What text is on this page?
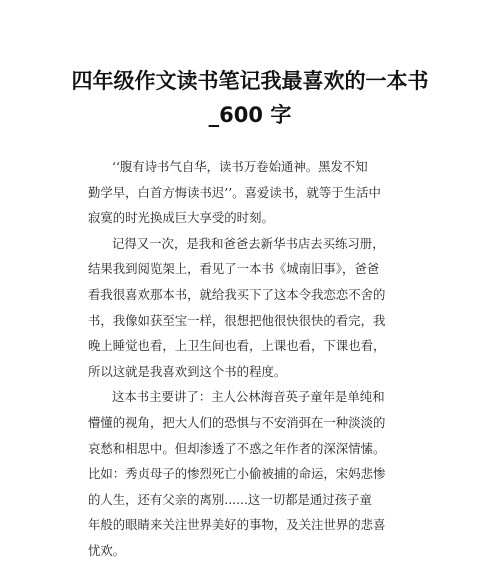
四年级作文读书笔记我最喜欢的一本书
_600 字

‘‘腹有诗书气自华，读书万卷始通神。黑发不知
勤学早，白首方悔读书迟’’。喜爱读书，就等于生活中
寂寞的时光换成巨大享受的时刻。

记得又一次，是我和爸爸去新华书店去买练习册，
结果我到阅览架上，看见了一本书《城南旧事》，爸爸
看我很喜欢那本书，就给我买下了这本令我恋恋不舍的
书，我像如获至宝一样，很想把他很快很快的看完，我
晚上睡觉也看，上卫生间也看，上课也看，下课也看，
所以这就是我喜欢到这个书的程度。

这本书主要讲了：主人公林海音英子童年是单纯和
懵懂的视角，把大人们的恐惧与不安消弭在一种淡淡的
哀愁和相思中。但却渗透了不惑之年作者的深深情愫。
比如：秀贞母子的惨烈死亡小偷被捕的命运，宋妈悲惨
的人生，还有父亲的离别......这一切都是通过孩子童
年般的眼睛来关注世界美好的事物，及关注世界的悲喜
忧欢。
